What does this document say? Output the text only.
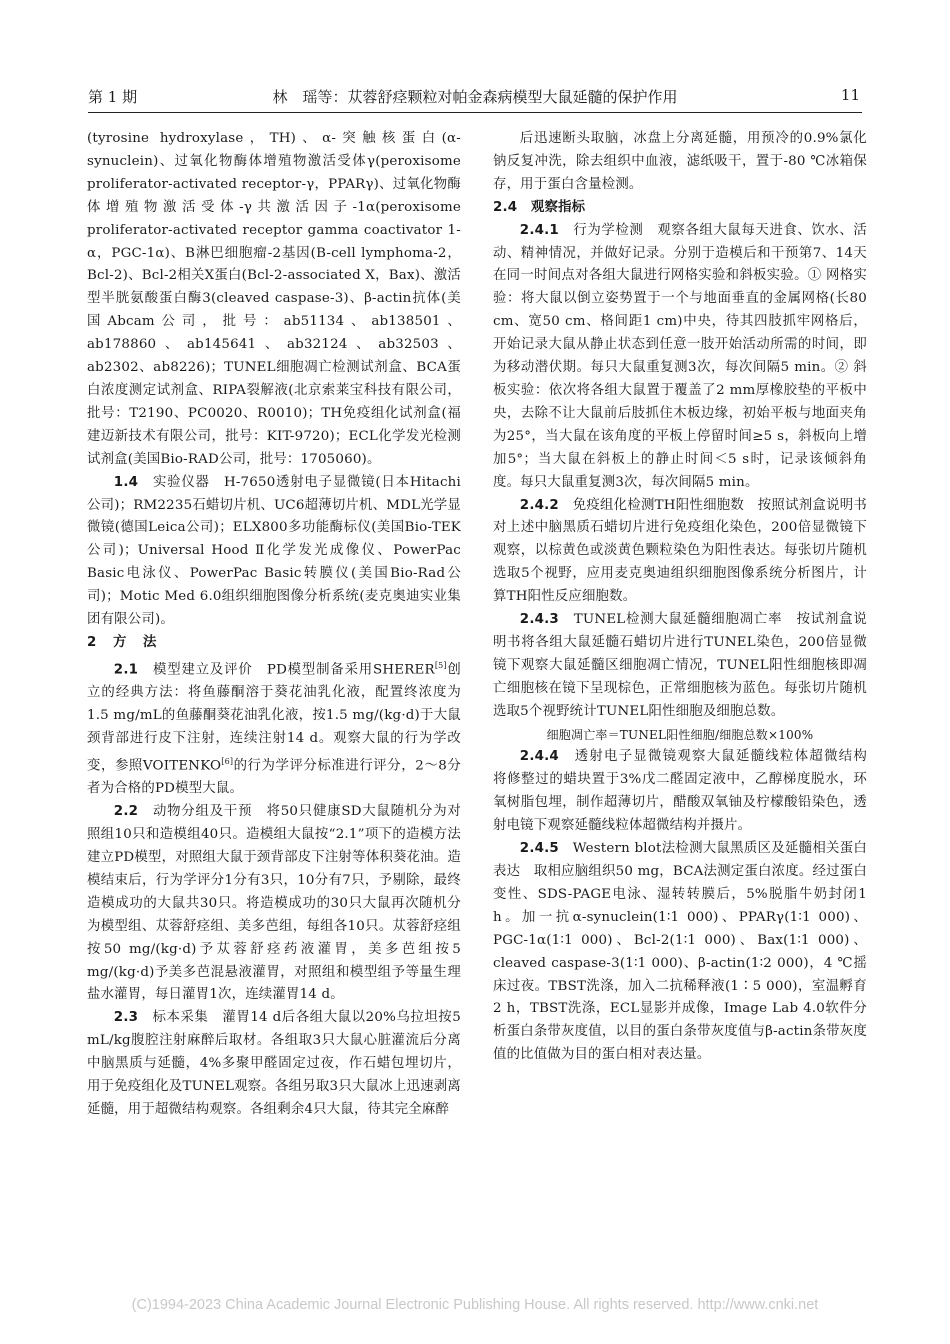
第 1 期	林　瑶等：苁蓉舒痉颗粒对帕金森病模型大鼠延髓的保护作用	11

(tyrosine hydroxylase，TH)、α-突触核蛋白(α-synuclein)、过氧化物酶体增殖物激活受体γ(peroxisome proliferator-activated receptor-γ，PPARγ)、过氧化物酶体增殖物激活受体-γ共激活因子-1α(peroxisome proliferator-activated receptor gamma coactivator 1-α，PGC-1α)、B淋巴细胞瘤-2基因(B-cell lymphoma-2，Bcl-2)、Bcl-2相关X蛋白(Bcl-2-associated X，Bax)、激活型半胱氨酸蛋白酶3(cleaved caspase-3)、β-actin抗体(美国Abcam公司，批号：ab51134、ab138501、ab178860、ab145641、ab32124、ab32503、ab2302、ab8226)；TUNEL细胞凋亡检测试剂盒、BCA蛋白浓度测定试剂盒、RIPA裂解液(北京索莱宝科技有限公司，批号：T2190、PC0020、R0010)；TH免疫组化试剂盒(福建迈新技术有限公司，批号：KIT-9720)；ECL化学发光检测试剂盒(美国Bio-RAD公司，批号：1705060)。

1.4　 实验仪器　 H-7650透射电子显微镜(日本Hitachi公司)；RM2235石蜡切片机、UC6超薄切片机、MDL光学显微镜(德国Leica公司)；ELX800多功能酶标仪(美国Bio-TEK公司)；Universal Hood Ⅱ化学发光成像仪、PowerPac Basic电泳仪、PowerPac Basic转膜仪(美国Bio-Rad公司)；Motic Med 6.0组织细胞图像分析系统(麦克奥迪实业集团有限公司)。

2 方 法

2.1　 模型建立及评价　 PD模型制备采用SHERER[5]创立的经典方法：将鱼藤酮溶于葵花油乳化液，配置终浓度为1.5 mg/mL的鱼藤酮葵花油乳化液，按1.5 mg/(kg·d)于大鼠颈背部进行皮下注射，连续注射14 d。观察大鼠的行为学改变，参照VOITENKO[6]的行为学评分标准进行评分，2～8分者为合格的PD模型大鼠。

2.2　 动物分组及干预　 将50只健康SD大鼠随机分为对照组10只和造模组40只。造模组大鼠按“2.1”项下的造模方法建立PD模型，对照组大鼠于颈背部皮下注射等体积葵花油。造模结束后，行为学评分1分有3只，10分有7只，予剔除，最终造模成功的大鼠共30只。将造模成功的30只大鼠再次随机分为模型组、苁蓉舒痉组、美多芭组，每组各10只。苁蓉舒痉组按50 mg/(kg·d)予苁蓉舒痉药液灌胃，美多芭组按5 mg/(kg·d)予美多芭混悬液灌胃，对照组和模型组予等量生理盐水灌胃，每日灌胃1次，连续灌胃14 d。

2.3　 标本采集　 灌胃14 d后各组大鼠以20%乌拉坦按5 mL/kg腹腔注射麻醉后取材。各组取3只大鼠心脏灌流后分离中脑黑质与延髓，4%多聚甲醛固定过夜，作石蜡包埋切片，用于免疫组化及TUNEL观察。各组另取3只大鼠冰上迅速剥离延髓，用于超微结构观察。各组剩余4只大鼠，待其完全麻醉

后迅速断头取脑，冰盘上分离延髓，用预冷的0.9%氯化钠反复冲洗，除去组织中血液，滤纸吸干，置于-80 ℃冰箱保存，用于蛋白含量检测。

2.4　观察指标

2.4.1　 行为学检测　 观察各组大鼠每天进食、饮水、活动、精神情况，并做好记录。分别于造模后和干预第7、14天在同一时间点对各组大鼠进行网格实验和斜板实验。① 网格实验：将大鼠以倒立姿势置于一个与地面垂直的金属网格(长80 cm、宽50 cm、格间距1 cm)中央，待其四肢抓牢网格后，开始记录大鼠从静止状态到任意一肢开始活动所需的时间，即为移动潜伏期。每只大鼠重复测3次，每次间隔5 min。② 斜板实验：依次将各组大鼠置于覆盖了2 mm厚橡胶垫的平板中央，去除不让大鼠前后肢抓住木板边缘，初始平板与地面夹角为25°，当大鼠在该角度的平板上停留时间≥5 s，斜板向上增加5°；当大鼠在斜板上的静止时间＜5 s时，记录该倾斜角度。每只大鼠重复测3次，每次间隔5 min。

2.4.2　 免疫组化检测TH阳性细胞数　 按照试剂盒说明书对上述中脑黑质石蜡切片进行免疫组化染色，200倍显微镜下观察，以棕黄色或淡黄色颗粒染色为阳性表达。每张切片随机选取5个视野，应用麦克奥迪组织细胞图像系统分析图片，计算TH阳性反应细胞数。

2.4.3　 TUNEL检测大鼠延髓细胞凋亡率　 按试剂盒说明书将各组大鼠延髓石蜡切片进行TUNEL染色，200倍显微镜下观察大鼠延髓区细胞凋亡情况，TUNEL阳性细胞核即凋亡细胞核在镜下呈现棕色，正常细胞核为蓝色。每张切片随机选取5个视野统计TUNEL阳性细胞及细胞总数。

细胞凋亡率＝TUNEL阳性细胞/细胞总数×100%

2.4.4　 透射电子显微镜观察大鼠延髓线粒体超微结构　将修整过的蜡块置于3%戊二醛固定液中，乙醇梯度脱水，环氧树脂包埋，制作超薄切片，醋酸双氧铀及柠檬酸铅染色，透射电镜下观察延髓线粒体超微结构并摄片。

2.4.5　 Western blot法检测大鼠黑质区及延髓相关蛋白表达　 取相应脑组织50 mg，BCA法测定蛋白浓度。经过蛋白变性、SDS-PAGE电泳、湿转转膜后，5%脱脂牛奶封闭1 h。加一抗α-synuclein(1∶1 000)、PPARγ(1∶1 000)、PGC-1α(1∶1 000)、Bcl-2(1∶1 000)、Bax(1∶1 000)、cleaved caspase-3(1∶1 000)、β-actin(1∶2 000)，4 ℃摇床过夜。TBST洗涤，加入二抗稀释液(1∶5 000)，室温孵育2 h，TBST洗涤，ECL显影并成像，Image Lab 4.0软件分析蛋白条带灰度值，以目的蛋白条带灰度值与β-actin条带灰度值的比值做为目的蛋白相对表达量。

(C)1994-2023 China Academic Journal Electronic Publishing House. All rights reserved. http://www.cnki.net
